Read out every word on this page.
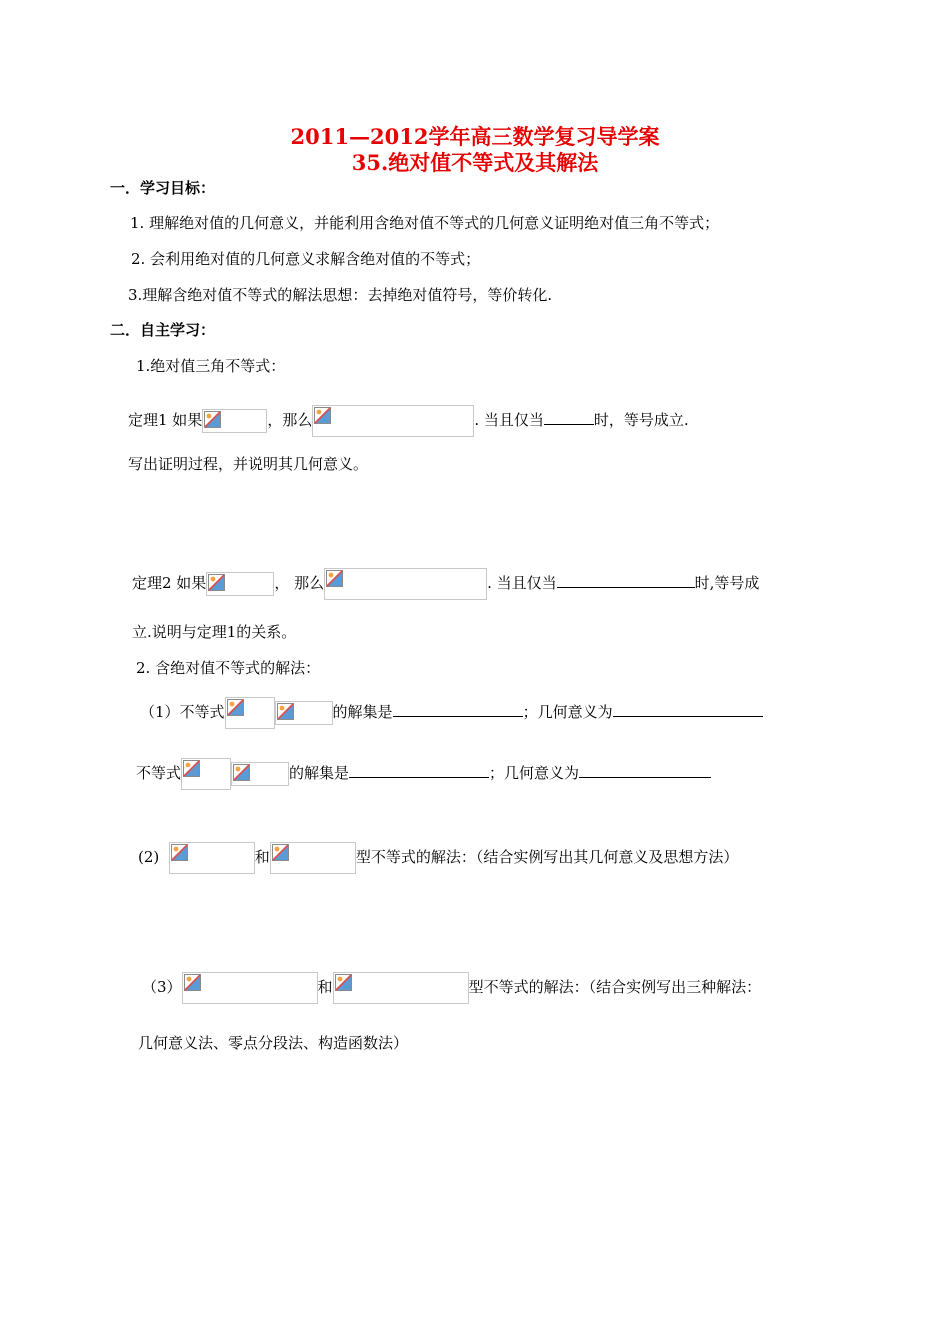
2011—2012学年高三数学复习导学案
35.绝对值不等式及其解法
一．学习目标：
1. 理解绝对值的几何意义，并能利用含绝对值不等式的几何意义证明绝对值三角不等式；
2. 会利用绝对值的几何意义求解含绝对值的不等式；
3.理解含绝对值不等式的解法思想：去掉绝对值符号，等价转化.
二．自主学习：
1.绝对值三角不等式：
定理1 如果	，那么	. 当且仅当	时，等号成立.
写出证明过程，并说明其几何意义。
定理2 如果	， 那么	. 当且仅当	时,等号成
立.说明与定理1的关系。
2. 含绝对值不等式的解法：
（1）不等式	的解集是	；几何意义为
不等式	的解集是	；几何意义为
(2)	和	型不等式的解法：（结合实例写出其几何意义及思想方法）
（3）	和	型不等式的解法：（结合实例写出三种解法：
几何意义法、零点分段法、构造函数法）
